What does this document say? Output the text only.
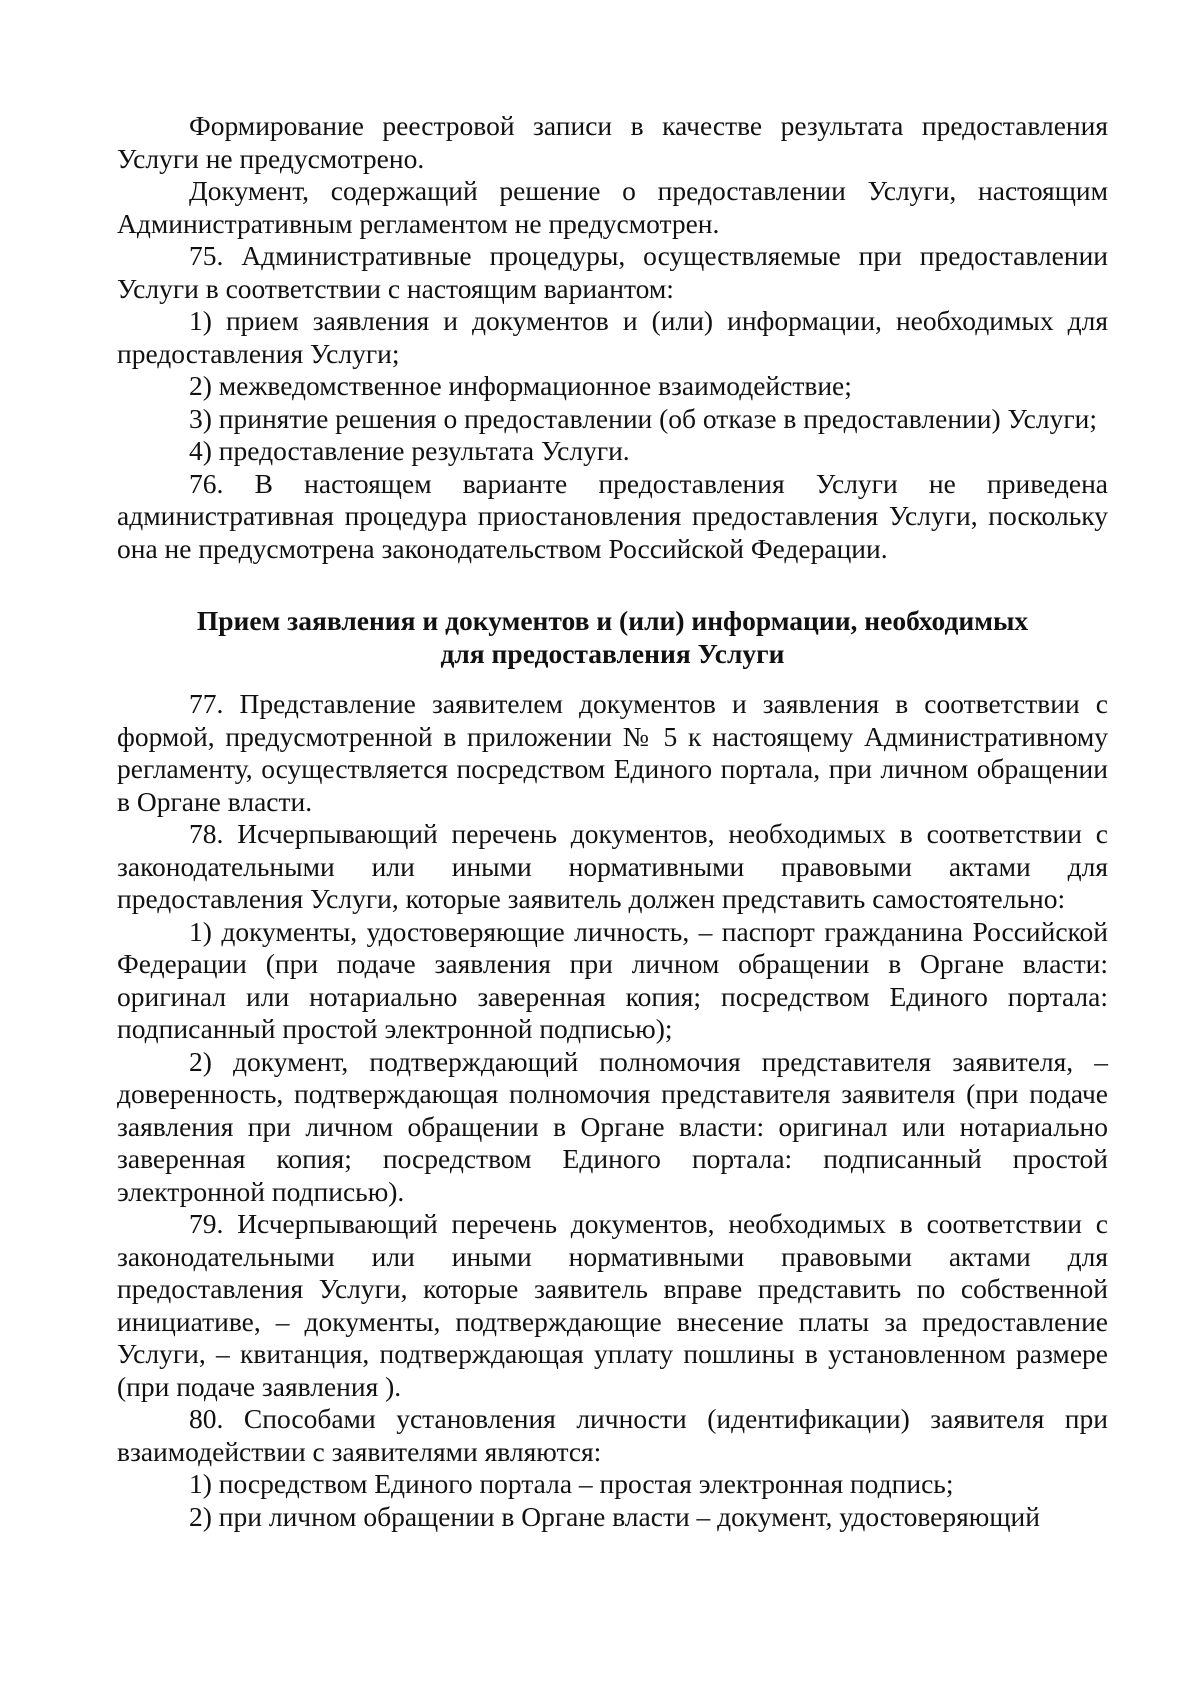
Формирование реестровой записи в качестве результата предоставления Услуги не предусмотрено.

Документ, содержащий решение о предоставлении Услуги, настоящим Административным регламентом не предусмотрен.

75. Административные процедуры, осуществляемые при предоставлении Услуги в соответствии с настоящим вариантом:

1) прием заявления и документов и (или) информации, необходимых для предоставления Услуги;

2) межведомственное информационное взаимодействие;

3) принятие решения о предоставлении (об отказе в предоставлении) Услуги;

4) предоставление результата Услуги.

76. В настоящем варианте предоставления Услуги не приведена административная процедура приостановления предоставления Услуги, поскольку она не предусмотрена законодательством Российской Федерации.

Прием заявления и документов и (или) информации, необходимых для предоставления Услуги

77. Представление заявителем документов и заявления в соответствии с формой, предусмотренной в приложении № 5 к настоящему Административному регламенту, осуществляется посредством Единого портала, при личном обращении в Органе власти.

78. Исчерпывающий перечень документов, необходимых в соответствии с законодательными или иными нормативными правовыми актами для предоставления Услуги, которые заявитель должен представить самостоятельно:

1) документы, удостоверяющие личность, – паспорт гражданина Российской Федерации (при подаче заявления при личном обращении в Органе власти: оригинал или нотариально заверенная копия; посредством Единого портала: подписанный простой электронной подписью);

2) документ, подтверждающий полномочия представителя заявителя, – доверенность, подтверждающая полномочия представителя заявителя (при подаче заявления при личном обращении в Органе власти: оригинал или нотариально заверенная копия; посредством Единого портала: подписанный простой электронной подписью).

79. Исчерпывающий перечень документов, необходимых в соответствии с законодательными или иными нормативными правовыми актами для предоставления Услуги, которые заявитель вправе представить по собственной инициативе, – документы, подтверждающие внесение платы за предоставление Услуги, – квитанция, подтверждающая уплату пошлины в установленном размере (при подаче заявления ).

80. Способами установления личности (идентификации) заявителя при взаимодействии с заявителями являются:

1) посредством Единого портала – простая электронная подпись;

2) при личном обращении в Органе власти – документ, удостоверяющий
